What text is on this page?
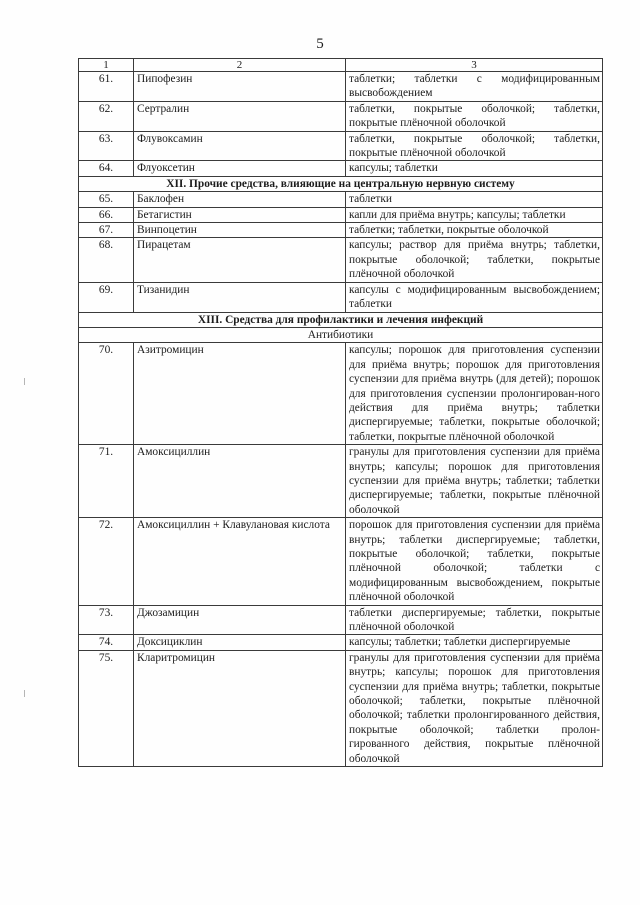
5
1	2	3
61.	Пипофезин	таблетки; таблетки с модифицированным высвобождением
62.	Сертралин	таблетки, покрытые оболочкой; таблетки, покрытые плёночной оболочкой
63.	Флувоксамин	таблетки, покрытые оболочкой; таблетки, покрытые плёночной оболочкой
64.	Флуоксетин	капсулы; таблетки
XII. Прочие средства, влияющие на центральную нервную систему		
65.	Баклофен	таблетки
66.	Бетагистин	капли для приёма внутрь; капсулы; таблетки
67.	Винпоцетин	таблетки; таблетки, покрытые оболочкой
68.	Пирацетам	капсулы; раствор для приёма внутрь; таблетки, покрытые оболочкой; таблетки, покрытые плёночной оболочкой
69.	Тизанидин	капсулы с модифицированным высвобождением; таблетки
XIII. Средства для профилактики и лечения инфекций		
Антибиотики		
70.	Азитромицин	капсулы; порошок для приготовления суспензии для приёма внутрь; порошок для приготовления суспензии для приёма внутрь (для детей); порошок для приготовления суспензии пролонгирован-ного действия для приёма внутрь; таблетки диспергируемые; таблетки, покрытые оболочкой; таблетки, покрытые плёночной оболочкой
71.	Амоксициллин	гранулы для приготовления суспензии для приёма внутрь; капсулы; порошок для приготовления суспензии для приёма внутрь; таблетки; таблетки диспергируемые; таблетки, покрытые плёночной оболочкой
72.	Амоксициллин + Клавулановая кислота	порошок для приготовления суспензии для приёма внутрь; таблетки диспергируемые; таблетки, покрытые оболочкой; таблетки, покрытые плёночной оболочкой; таблетки с модифицированным высвобождением, покрытые плёночной оболочкой
73.	Джозамицин	таблетки диспергируемые; таблетки, покрытые плёночной оболочкой
74.	Доксициклин	капсулы; таблетки; таблетки диспергируемые
75.	Кларитромицин	гранулы для приготовления суспензии для приёма внутрь; капсулы; порошок для приготовления суспензии для приёма внутрь; таблетки, покрытые оболочкой; таблетки, покрытые плёночной оболочкой; таблетки пролонгированного действия, покрытые оболочкой; таблетки пролон-гированного действия, покрытые плёночной оболочкой
